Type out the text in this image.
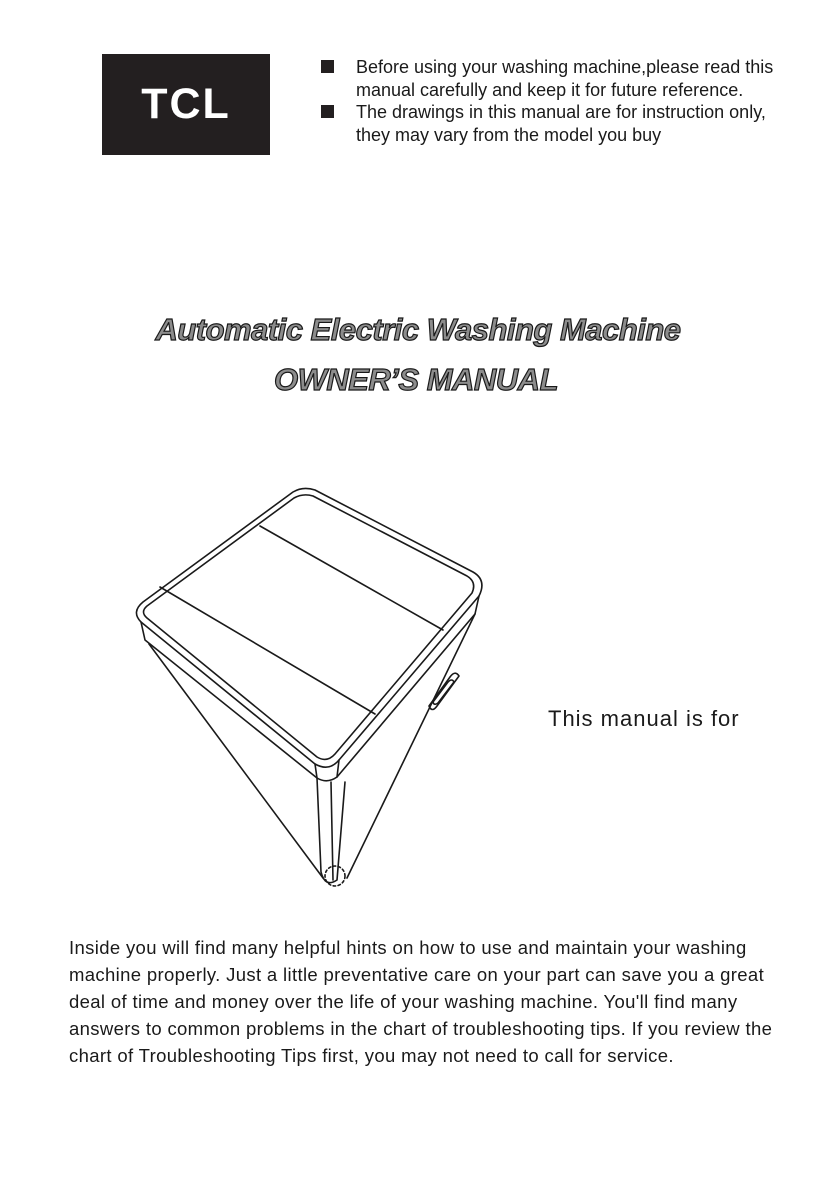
TCL
Before using your washing machine,please read this manual carefully and keep it for future reference.
The drawings in this manual are for instruction only, they may vary from the model you buy
Automatic Electric Washing Machine
OWNER’S MANUAL
This manual is for
Inside you will find many helpful hints on how to use and maintain your washing machine properly. Just a little preventative care on your part can save you a great deal of time and money over the life of your washing machine. You'll find many answers to common problems in the chart of troubleshooting tips. If you review the chart of Troubleshooting Tips first, you may not need to call for service.
